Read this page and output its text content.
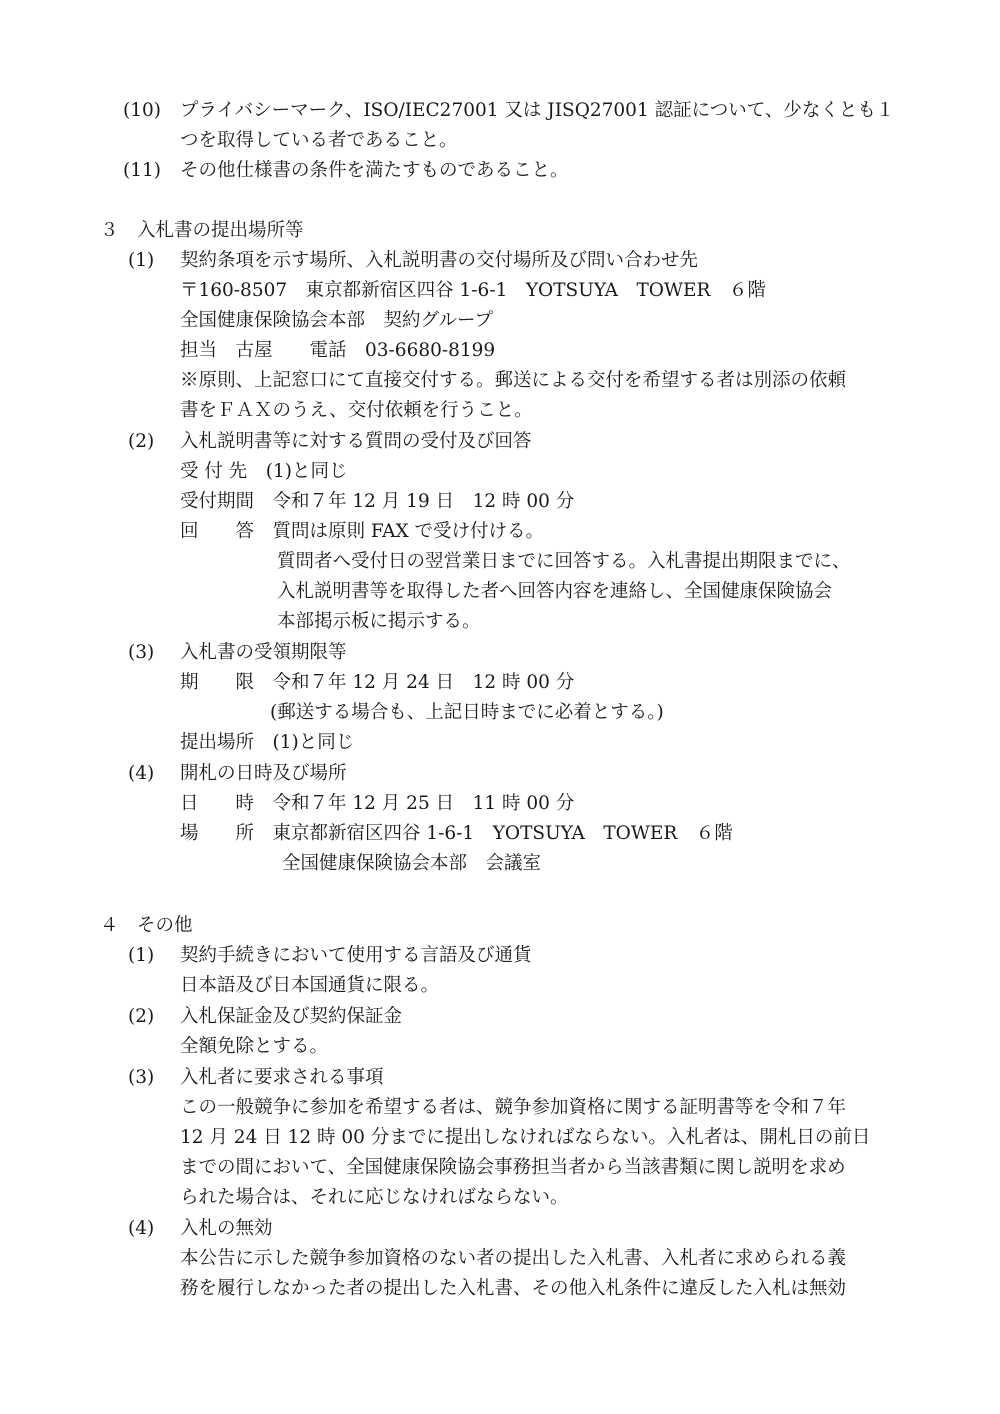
(10) プライバシーマーク、ISO/IEC27001 又は JISQ27001 認証について、少なくとも１
つを取得している者であること。
(11) その他仕様書の条件を満たすものであること。
３　入札書の提出場所等
(1) 契約条項を示す場所、入札説明書の交付場所及び問い合わせ先
〒160-8507　東京都新宿区四谷 1-6-1　YOTSUYA　TOWER　６階
全国健康保険協会本部　契約グループ
担当　古屋　　電話　03-6680-8199
※原則、上記窓口にて直接交付する。郵送による交付を希望する者は別添の依頼
書をＦＡＸのうえ、交付依頼を行うこと。
(2) 入札説明書等に対する質問の受付及び回答
受 付 先　(1)と同じ
受付期間　令和７年 12 月 19 日　12 時 00 分
回　　答　質問は原則 FAX で受け付ける。
質問者へ受付日の翌営業日までに回答する。入札書提出期限までに、
入札説明書等を取得した者へ回答内容を連絡し、全国健康保険協会
本部掲示板に掲示する。
(3) 入札書の受領期限等
期　　限　令和７年 12 月 24 日　12 時 00 分
(郵送する場合も、上記日時までに必着とする。)
提出場所　(1)と同じ
(4) 開札の日時及び場所
日　　時　令和７年 12 月 25 日　11 時 00 分
場　　所　東京都新宿区四谷 1-6-1　YOTSUYA　TOWER　６階
全国健康保険協会本部　会議室
４　その他
(1) 契約手続きにおいて使用する言語及び通貨
日本語及び日本国通貨に限る。
(2) 入札保証金及び契約保証金
全額免除とする。
(3) 入札者に要求される事項
この一般競争に参加を希望する者は、競争参加資格に関する証明書等を令和７年
12 月 24 日 12 時 00 分までに提出しなければならない。入札者は、開札日の前日
までの間において、全国健康保険協会事務担当者から当該書類に関し説明を求め
られた場合は、それに応じなければならない。
(4) 入札の無効
本公告に示した競争参加資格のない者の提出した入札書、入札者に求められる義
務を履行しなかった者の提出した入札書、その他入札条件に違反した入札は無効
